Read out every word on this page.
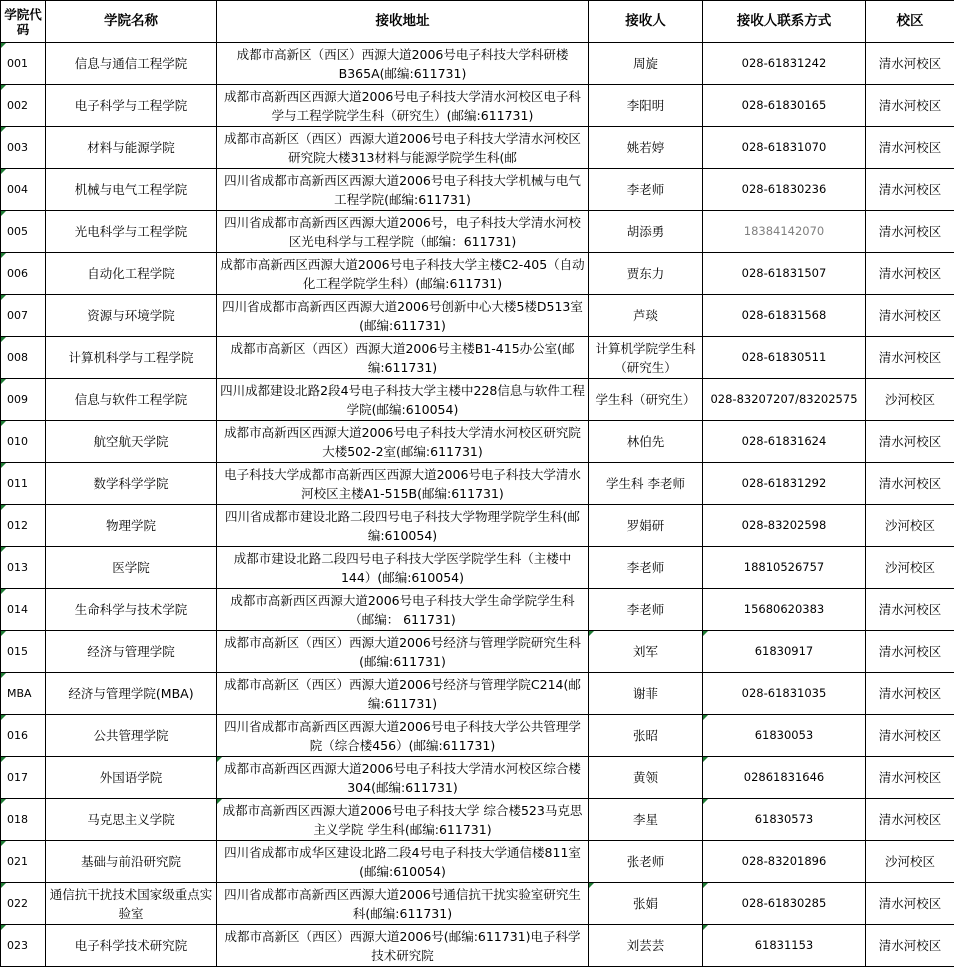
学院代码	学院名称	接收地址	接收人	接收人联系方式	校区
001	信息与通信工程学院	成都市高新区（西区）西源大道2006号电子科技大学科研楼B365A(邮编:611731)	周旋	028-61831242	清水河校区
002	电子科学与工程学院	成都市高新西区西源大道2006号电子科技大学清水河校区电子科学与工程学院学生科（研究生）(邮编:611731)	李阳明	028-61830165	清水河校区
003	材料与能源学院	成都市高新区（西区）西源大道2006号电子科技大学清水河校区研究院大楼313材料与能源学院学生科(邮	姚若婷	028-61831070	清水河校区
004	机械与电气工程学院	四川省成都市高新西区西源大道2006号电子科技大学机械与电气工程学院(邮编:611731)	李老师	028-61830236	清水河校区
005	光电科学与工程学院	四川省成都市高新西区西源大道2006号，电子科技大学清水河校区光电科学与工程学院（邮编：611731)	胡添勇	18384142070	清水河校区
006	自动化工程学院	成都市高新西区西源大道2006号电子科技大学主楼C2-405（自动化工程学院学生科）(邮编:611731)	贾东力	028-61831507	清水河校区
007	资源与环境学院	四川省成都市高新西区西源大道2006号创新中心大楼5楼D513室(邮编:611731)	芦琰	028-61831568	清水河校区
008	计算机科学与工程学院	成都市高新区（西区）西源大道2006号主楼B1-415办公室(邮编:611731)	计算机学院学生科（研究生）	028-61830511	清水河校区
009	信息与软件工程学院	四川成都建设北路2段4号电子科技大学主楼中228信息与软件工程学院(邮编:610054)	学生科（研究生）	028-83207207/83202575	沙河校区
010	航空航天学院	成都市高新西区西源大道2006号电子科技大学清水河校区研究院大楼502-2室(邮编:611731)	林伯先	028-61831624	清水河校区
011	数学科学学院	电子科技大学成都市高新西区西源大道2006号电子科技大学清水河校区主楼A1-515B(邮编:611731)	学生科 李老师	028-61831292	清水河校区
012	物理学院	四川省成都市建设北路二段四号电子科技大学物理学院学生科(邮编:610054)	罗娟研	028-83202598	沙河校区
013	医学院	成都市建设北路二段四号电子科技大学医学院学生科（主楼中144）(邮编:610054)	李老师	18810526757	沙河校区
014	生命科学与技术学院	成都市高新西区西源大道2006号电子科技大学生命学院学生科（邮编： 611731)	李老师	15680620383	清水河校区
015	经济与管理学院	成都市高新区（西区）西源大道2006号经济与管理学院研究生科(邮编:611731)	刘军	61830917	清水河校区
MBA	经济与管理学院(MBA)	成都市高新区（西区）西源大道2006号经济与管理学院C214(邮编:611731)	谢菲	028-61831035	清水河校区
016	公共管理学院	四川省成都市高新西区西源大道2006号电子科技大学公共管理学院（综合楼456）(邮编:611731)	张昭	61830053	清水河校区
017	外国语学院	成都市高新西区西源大道2006号电子科技大学清水河校区综合楼304(邮编:611731)	黄领	02861831646	清水河校区
018	马克思主义学院	成都市高新西区西源大道2006号电子科技大学 综合楼523马克思主义学院 学生科(邮编:611731)	李星	61830573	清水河校区
021	基础与前沿研究院	四川省成都市成华区建设北路二段4号电子科技大学通信楼811室(邮编:610054)	张老师	028-83201896	沙河校区
022	通信抗干扰技术国家级重点实验室	四川省成都市高新西区西源大道2006号通信抗干扰实验室研究生科(邮编:611731)	张娟	028-61830285	清水河校区
023	电子科学技术研究院	成都市高新区（西区）西源大道2006号(邮编:611731)电子科学技术研究院	刘芸芸	61831153	清水河校区
